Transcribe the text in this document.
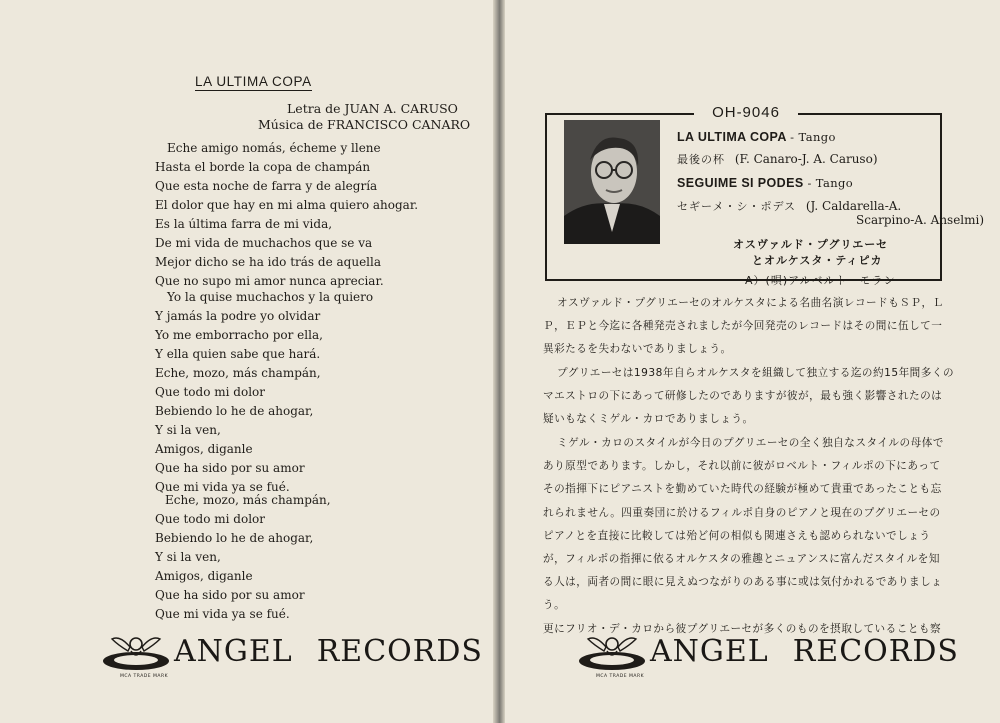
LA ULTIMA COPA
Letra de JUAN A. CARUSO
Música de FRANCISCO CANARO
Eche amigo nomás, écheme y llene
Hasta el borde la copa de champán
Que esta noche de farra y de alegría
El dolor que hay en mi alma quiero ahogar.
Es la última farra de mi vida,
De mi vida de muchachos que se va
Mejor dicho se ha ido trás de aquella
Que no supo mi amor nunca apreciar.
Yo la quise muchachos y la quiero
Y jamás la podre yo olvidar
Yo me emborracho por ella,
Y ella quien sabe que hará.
Eche, mozo, más champán,
Que todo mi dolor
Bebiendo lo he de ahogar,
Y si la ven,
Amigos, diganle
Que ha sido por su amor
Que mi vida ya se fué.
Eche, mozo, más champán,
Que todo mi dolor
Bebiendo lo he de ahogar,
Y si la ven,
Amigos, diganle
Que ha sido por su amor
Que mi vida ya se fué.
ANGEL RECORDS
MCA TRADE MARK
OH-9046
LA ULTIMA COPA - Tango
最後の杯 (F. Canaro-J. A. Caruso)
SEGUIME SI PODES - Tango
セギーメ・シ・ポデス (J. Caldarella-A.
Scarpino-A. Anselmi)
オスヴァルド・プグリエーセ
とオルケスタ・ティピカ
A）(唄)アルベルト・モラン
オスヴァルド・プグリエーセのオルケスタによる名曲名演レコードもＳＰ，Ｌ
Ｐ，ＥＰと今迄に各種発売されましたが今回発売のレコードはその間に伍して一
異彩たるを失わないでありましょう。
プグリエーセは1938年自らオルケスタを組織して独立する迄の約15年間多くの
マエストロの下にあって研修したのでありますが彼が，最も強く影響されたのは
疑いもなくミゲル・カロでありましょう。
ミゲル・カロのスタイルが今日のプグリエーセの全く独自なスタイルの母体で
あり原型であります。しかし，それ以前に彼がロベルト・フィルポの下にあって
その指揮下にピアニストを勤めていた時代の経験が極めて貴重であったことも忘
れられません。四重奏団に於けるフィルポ自身のピアノと現在のプグリエーセの
ピアノとを直接に比較しては殆ど何の相似も関連さえも認められないでしょう
が，フィルポの指揮に依るオルケスタの雅趣とニュアンスに富んだスタイルを知
る人は，両者の間に眼に見えぬつながりのある事に或は気付かれるでありましょ
う。
更にフリオ・デ・カロから彼プグリエーセが多くのものを摂取していることも察
ANGEL RECORDS
MCA TRADE MARK
